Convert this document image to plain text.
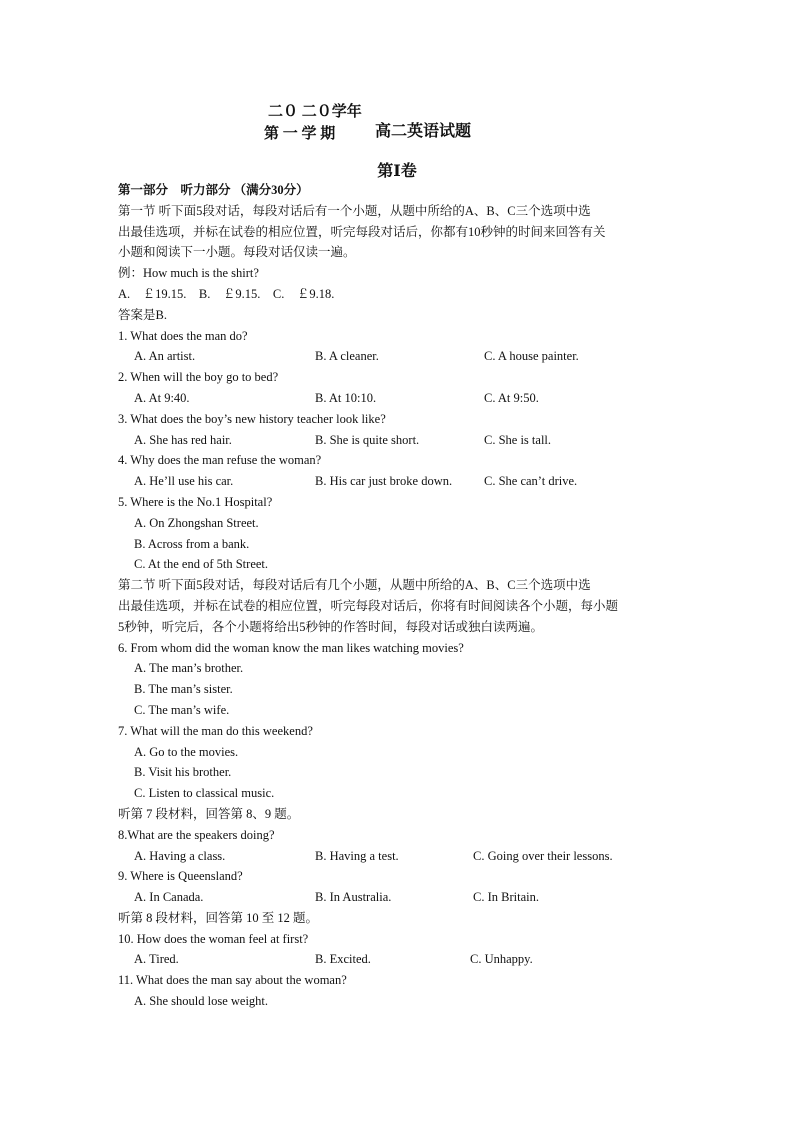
二０ 二０学年
第 一 学 期 高二英语试题
第Ⅰ卷
第一部分　听力部分 （满分30分）
第一节 听下面5段对话，每段对话后有一个小题，从题中所给的A、B、C三个选项中选
出最佳选项，并标在试卷的相应位置，听完每段对话后，你都有10秒钟的时间来回答有关
小题和阅读下一小题。每段对话仅读一遍。
例：How much is the shirt?
A.　￡19.15.　B.　￡9.15.　C.　￡9.18.
答案是B.
1. What does the man do?
A. An artist.	B. A cleaner.	C. A house painter.
2. When will the boy go to bed?
A. At 9:40.	B. At 10:10.	C. At 9:50.
3. What does the boy’s new history teacher look like?
A. She has red hair.	B. She is quite short.	C. She is tall.
4. Why does the man refuse the woman?
A. He’ll use his car.	B. His car just broke down.	C. She can’t drive.
5. Where is the No.1 Hospital?
A. On Zhongshan Street.
B. Across from a bank.
C. At the end of 5th Street.
第二节 听下面5段对话，每段对话后有几个小题，从题中所给的A、B、C三个选项中选
出最佳选项，并标在试卷的相应位置，听完每段对话后，你将有时间阅读各个小题，每小题
5秒钟，听完后，各个小题将给出5秒钟的作答时间，每段对话或独白读两遍。
6. From whom did the woman know the man likes watching movies?
A. The man’s brother.
B. The man’s sister.
C. The man’s wife.
7. What will the man do this weekend?
A. Go to the movies.
B. Visit his brother.
C. Listen to classical music.
听第 7 段材料，回答第 8、9 题。
8.What are the speakers doing?
A. Having a class.	B. Having a test.	C. Going over their lessons.
9. Where is Queensland?
A. In Canada.	B. In Australia.	C. In Britain.
听第 8 段材料，回答第 10 至 12 题。
10. How does the woman feel at first?
A. Tired.	B. Excited.	C. Unhappy.
11. What does the man say about the woman?
A. She should lose weight.
